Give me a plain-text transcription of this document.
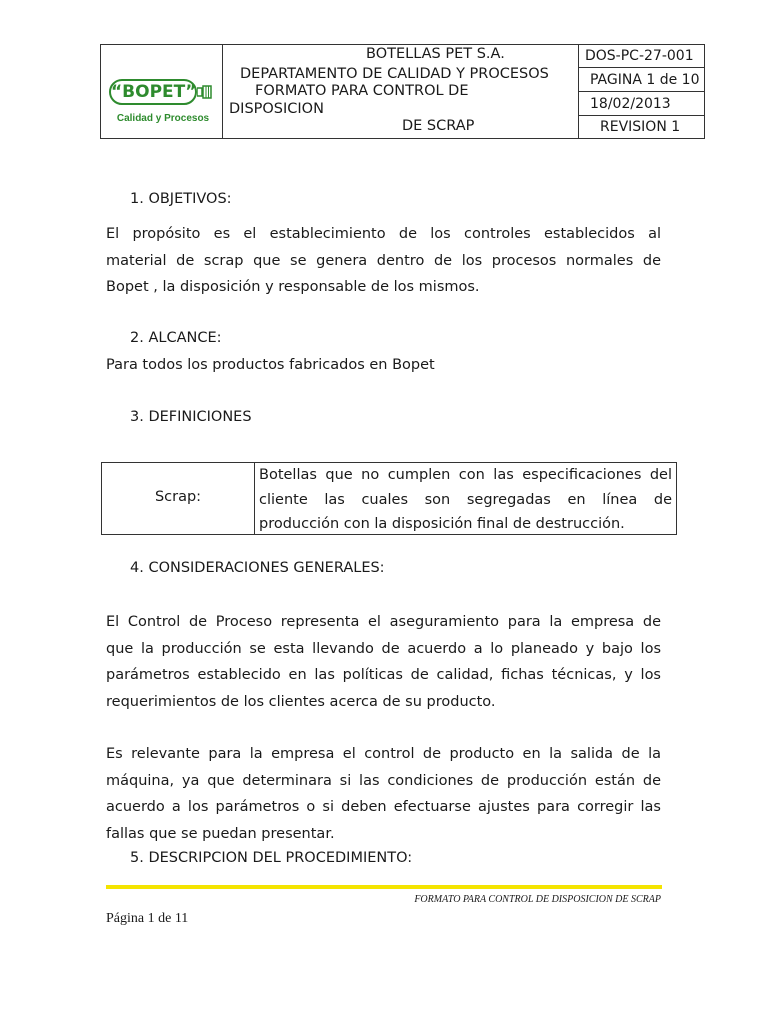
“BOPET”
Calidad y Procesos
BOTELLAS PET S.A.
DEPARTAMENTO DE CALIDAD Y PROCESOS
FORMATO PARA CONTROL DE
DISPOSICION
DE SCRAP
DOS-PC-27-001
PAGINA 1 de 10
18/02/2013
REVISION 1
1. OBJETIVOS:
El propósito es el establecimiento de los controles establecidos al
material de scrap que se genera dentro de los procesos normales de
Bopet , la disposición y responsable de los mismos.
2. ALCANCE:
Para todos los productos fabricados en Bopet
3. DEFINICIONES
Scrap:
Botellas que no cumplen con las especificaciones del
cliente las cuales son segregadas en línea de
producción con la disposición final de destrucción.
4. CONSIDERACIONES GENERALES:
El Control de Proceso representa el aseguramiento para la empresa de
que la producción se esta llevando de acuerdo a lo planeado y bajo los
parámetros establecido en las políticas de calidad, fichas técnicas, y los
requerimientos de los clientes acerca de su producto.
Es relevante para la empresa el control de producto en la salida de la
máquina, ya que determinara si las condiciones de producción están de
acuerdo a los parámetros o si deben efectuarse ajustes para corregir las
fallas que se puedan presentar.
5. DESCRIPCION DEL PROCEDIMIENTO:
FORMATO PARA CONTROL DE DISPOSICION DE SCRAP
Página 1 de 11
